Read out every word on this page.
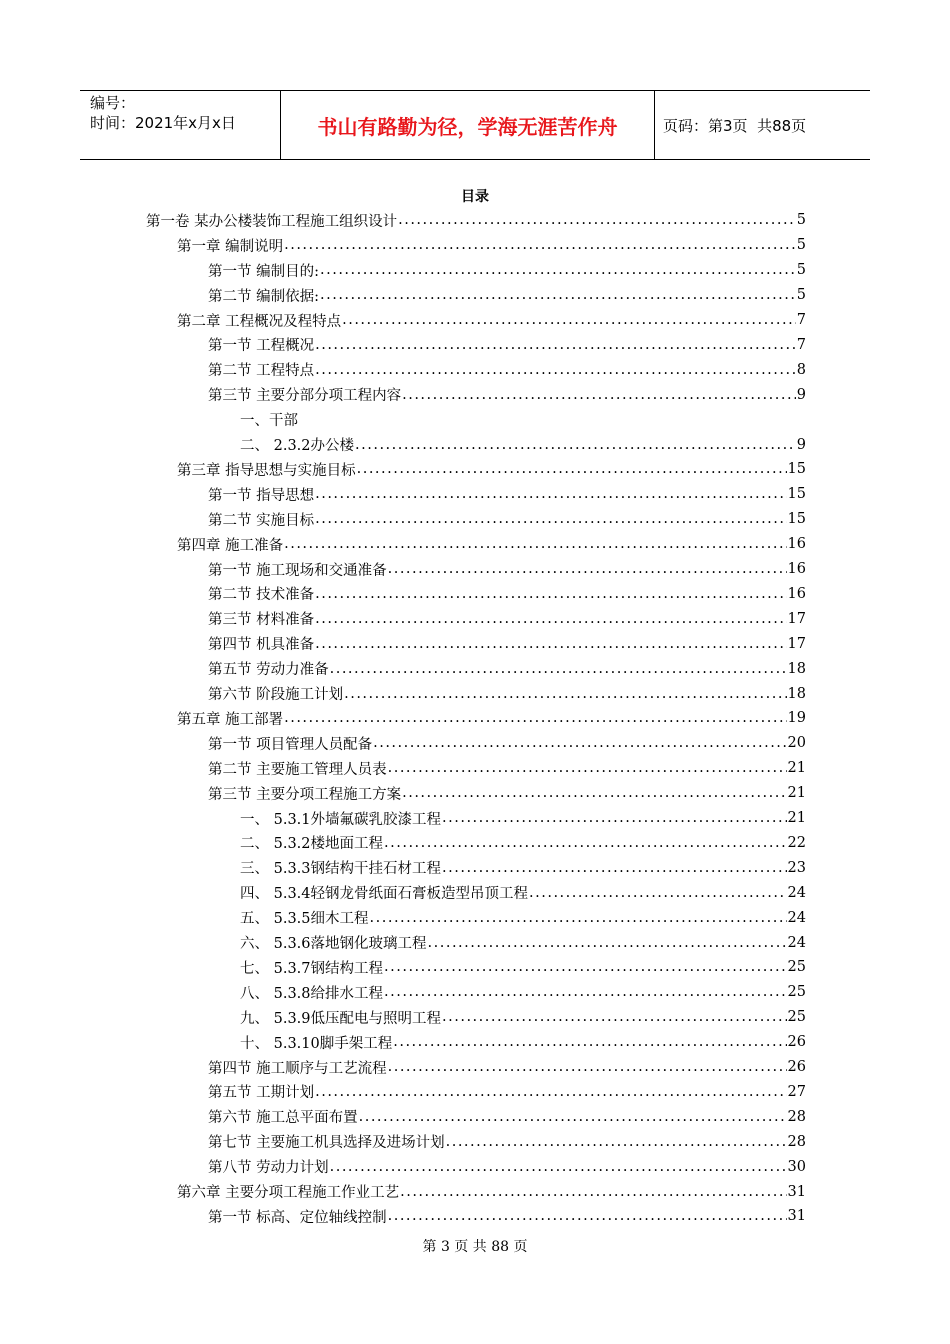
编号：
时间：2021年x月x日	书山有路勤为径，学海无涯苦作舟	页码：第3页  共88页
目录
第一卷 某办公楼装饰工程施工组织设计 .....	5
第一章 编制说明 .....	5
第一节 编制目的: .....	5
第二节 编制依据: .....	5
第二章 工程概况及程特点 .....	7
第一节 工程概况 .....	7
第二节 工程特点 .....	8
第三节 主要分部分项工程内容 .....	9
一、干部
二、 2.3.2办公楼 .....	9
第三章 指导思想与实施目标 .....	15
第一节 指导思想 .....	15
第二节 实施目标 .....	15
第四章 施工准备 .....	16
第一节 施工现场和交通准备 .....	16
第二节 技术准备 .....	16
第三节 材料准备 .....	17
第四节 机具准备 .....	17
第五节 劳动力准备 .....	18
第六节 阶段施工计划 .....	18
第五章 施工部署 .....	19
第一节 项目管理人员配备 .....	20
第二节 主要施工管理人员表 .....	21
第三节 主要分项工程施工方案 .....	21
一、 5.3.1外墙氟碳乳胶漆工程 .....	21
二、 5.3.2楼地面工程 .....	22
三、 5.3.3钢结构干挂石材工程 .....	23
四、 5.3.4轻钢龙骨纸面石膏板造型吊顶工程 .....	24
五、 5.3.5细木工程 .....	24
六、 5.3.6落地钢化玻璃工程 .....	24
七、 5.3.7钢结构工程 .....	25
八、 5.3.8给排水工程 .....	25
九、 5.3.9低压配电与照明工程 .....	25
十、 5.3.10脚手架工程 .....	26
第四节 施工顺序与工艺流程 .....	26
第五节 工期计划 .....	27
第六节 施工总平面布置 .....	28
第七节 主要施工机具选择及进场计划 .....	28
第八节 劳动力计划 .....	30
第六章 主要分项工程施工作业工艺 .....	31
第一节 标高、定位轴线控制 .....	31
第 3 页 共 88 页
